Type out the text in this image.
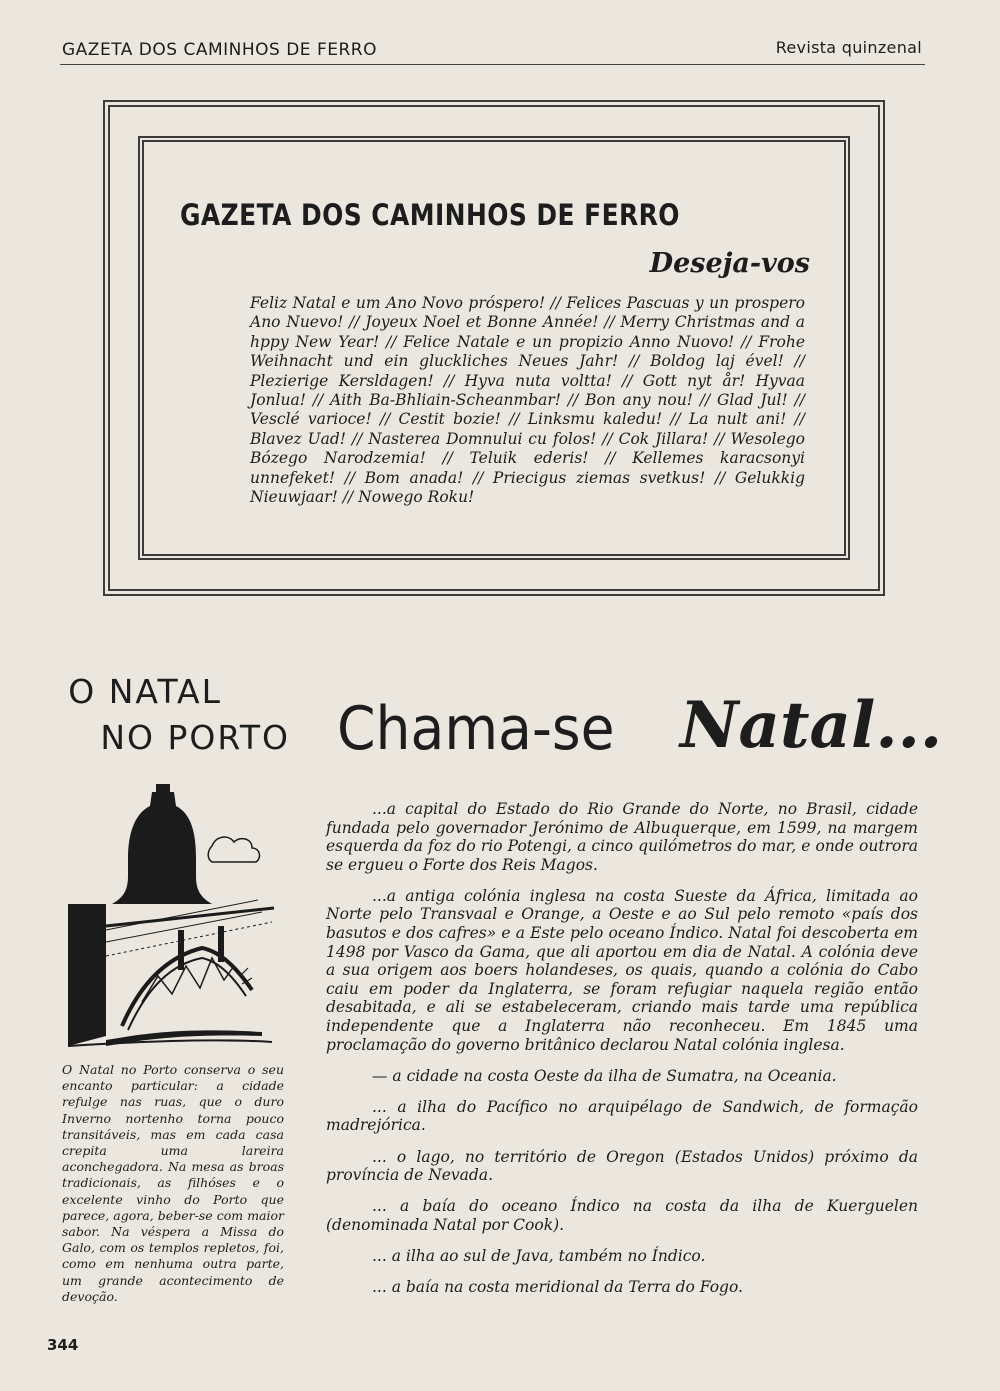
GAZETA DOS CAMINHOS DE FERRO	Revista quinzenal
GAZETA DOS CAMINHOS DE FERRO
Deseja-vos
Feliz Natal e um Ano Novo próspero! // Felices Pascuas y un prospero Ano Nuevo! // Joyeux Noel et Bonne Année! // Merry Christmas and a hppy New Year! // Felice Natale e un propizio Anno Nuovo! // Frohe Weihnacht und ein gluckliches Neues Jahr! // Boldog laj ével! // Plezierige Kersldagen! // Hyva nuta voltta! // Gott nyt år! Hyvaa Jonlua! // Aith Ba-Bhliain-Scheanmbar! // Bon any nou! // Glad Jul! // Vesclé varioce! // Cestit bozie! // Linksmu kaledu! // La nult ani! // Blavez Uad! // Nasterea Domnului cu folos! // Cok Jillara! // Wesolego Bózego Narodzemia! // Teluik ederis! // Kellemes karacsonyi unnefeket! // Bom anada! // Priecigus ziemas svetkus! // Gelukkig Nieuwjaar! // Nowego Roku!
O NATAL
NO PORTO
O Natal no Porto conserva o seu encanto particular: a cidade refulge nas ruas, que o duro Inverno nortenho torna pouco transitáveis, mas em cada casa crepita uma lareira aconchegadora. Na mesa as broas tradicionais, as filhóses e o excelente vinho do Porto que parece, agora, beber-se com maior sabor. Na véspera a Missa do Galo, com os templos repletos, foi, como em nenhuma outra parte, um grande acontecimento de devoção.
Chama-se Natal...

...a capital do Estado do Rio Grande do Norte, no Brasil, cidade fundada pelo governador Jerónimo de Albuquerque, em 1599, na margem esquerda da foz do rio Potengi, a cinco quilómetros do mar, e onde outrora se ergueu o Forte dos Reis Magos.

...a antiga colónia inglesa na costa Sueste da África, limitada ao Norte pelo Transvaal e Orange, a Oeste e ao Sul pelo remoto «país dos basutos e dos cafres» e a Este pelo oceano Índico. Natal foi descoberta em 1498 por Vasco da Gama, que ali aportou em dia de Natal. A colónia deve a sua origem aos boers holandeses, os quais, quando a colónia do Cabo caiu em poder da Inglaterra, se foram refugiar naquela região então desabitada, e ali se estabeleceram, criando mais tarde uma república independente que a Inglaterra não reconheceu. Em 1845 uma proclamação do governo britânico declarou Natal colónia inglesa.

— a cidade na costa Oeste da ilha de Sumatra, na Oceania.

... a ilha do Pacífico no arquipélago de Sandwich, de formação madrejórica.

... o lago, no território de Oregon (Estados Unidos) próximo da província de Nevada.

... a baía do oceano Índico na costa da ilha de Kuerguelen (denominada Natal por Cook).

... a ilha ao sul de Java, também no Índico.

... a baía na costa meridional da Terra do Fogo.

344
